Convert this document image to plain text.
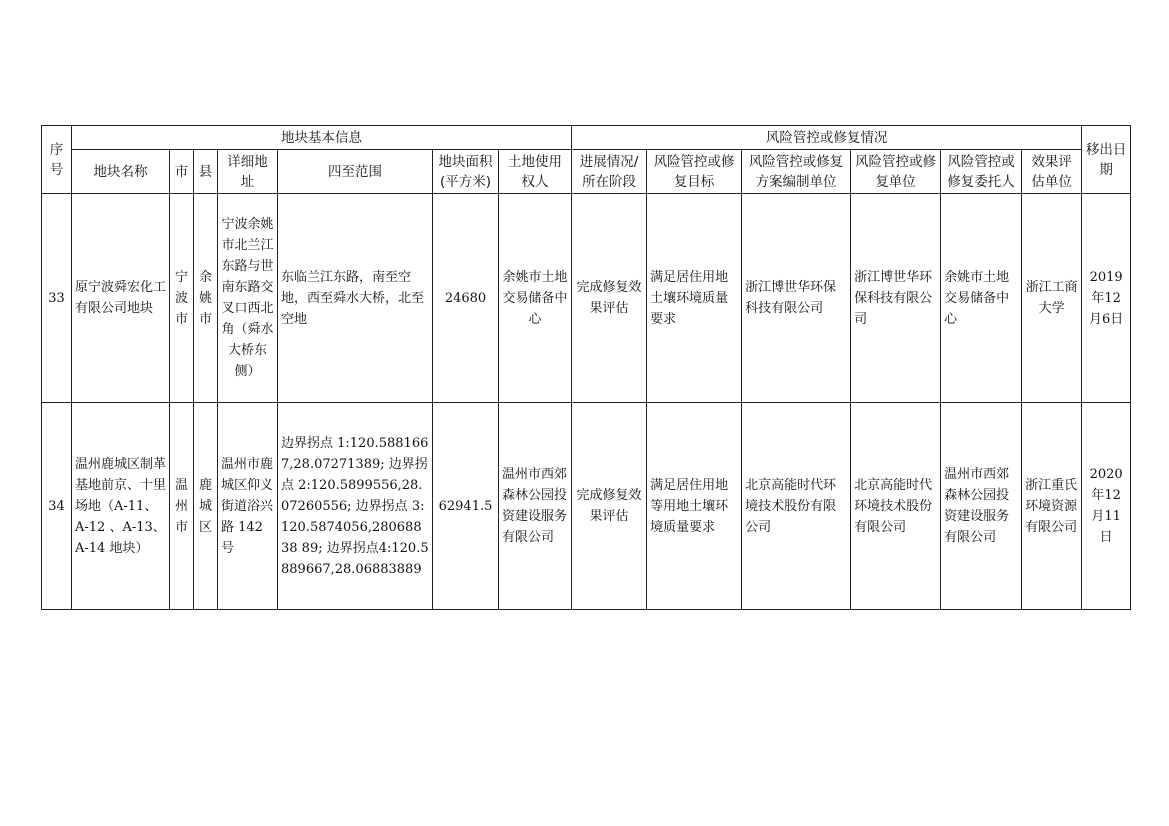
序号	地块基本信息							风险管控或修复情况						移出日期
	地块名称	市	县	详细地址	四至范围	地块面积(平方米)	土地使用权人	进展情况/所在阶段	风险管控或修复目标	风险管控或修复方案编制单位	风险管控或修复单位	风险管控或修复委托人	效果评估单位	
33	原宁波舜宏化工有限公司地块	宁波市	余姚市	宁波余姚市北兰江东路与世南东路交叉口西北角（舜水大桥东侧）	东临兰江东路，南至空地，西至舜水大桥，北至空地	24680	余姚市土地交易储备中心	完成修复效果评估	满足居住用地土壤环境质量要求	浙江博世华环保科技有限公司	浙江博世华环保科技有限公司	余姚市土地交易储备中心	浙江工商大学	2019年12月6日
34	温州鹿城区制革基地前京、十里场地（A-11、A-12 、A-13、A-14 地块）	温州市	鹿城区	温州市鹿城区仰义街道浴兴路 142号	边界拐点 1:120.5881667,28.07271389; 边界拐点 2:120.5899556,28.07260556; 边界拐点 3:120.5874056,28068838 89; 边界拐点4:120.5889667,28.06883889	62941.5	温州市西郊森林公园投资建设服务有限公司	完成修复效果评估	满足居住用地等用地土壤环境质量要求	北京高能时代环境技术股份有限公司	北京高能时代环境技术股份有限公司	温州市西郊森林公园投资建设服务有限公司	浙江重氏环境资源有限公司	2020年12月11日
